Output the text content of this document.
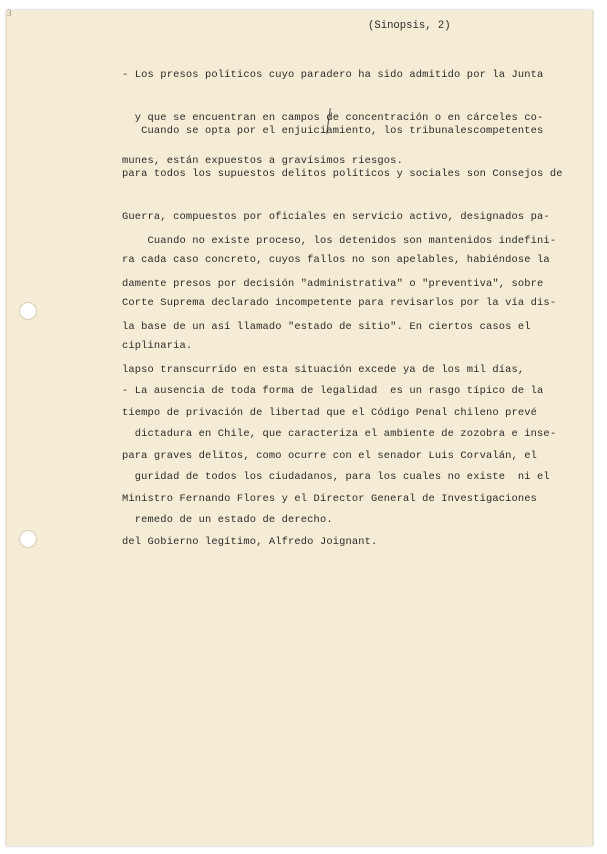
3
(Sinopsis, 2)

- Los presos políticos cuyo paradero ha sido admitido por la Junta

y que se encuentran en campos de concentración o en cárceles co-

munes, están expuestos a gravísimos riesgos.

Cuando se opta por el enjuiciamiento, los tribunalescompetentes

para todos los supuestos delitos políticos y sociales son Consejos de

Guerra, compuestos por oficiales en servicio activo, designados pa-

ra cada caso concreto, cuyos fallos no son apelables, habiéndose la

Corte Suprema declarado incompetente para revisarlos por la vía dis-

ciplinaria.

Cuando no existe proceso, los detenidos son mantenidos indefini-

damente presos por decisión "administrativa" o "preventiva", sobre

la base de un así llamado "estado de sitio". En ciertos casos el

lapso transcurrido en esta situación excede ya de los mil días,

tiempo de privación de libertad que el Código Penal chileno prevé

para graves delitos, como ocurre con el senador Luis Corvalán, el

Ministro Fernando Flores y el Director General de Investigaciones

del Gobierno legítimo, Alfredo Joignant.

- La ausencia de toda forma de legalidad  es un rasgo típico de la

dictadura en Chile, que caracteriza el ambiente de zozobra e inse-

guridad de todos los ciudadanos, para los cuales no existe  ni el

remedo de un estado de derecho.
